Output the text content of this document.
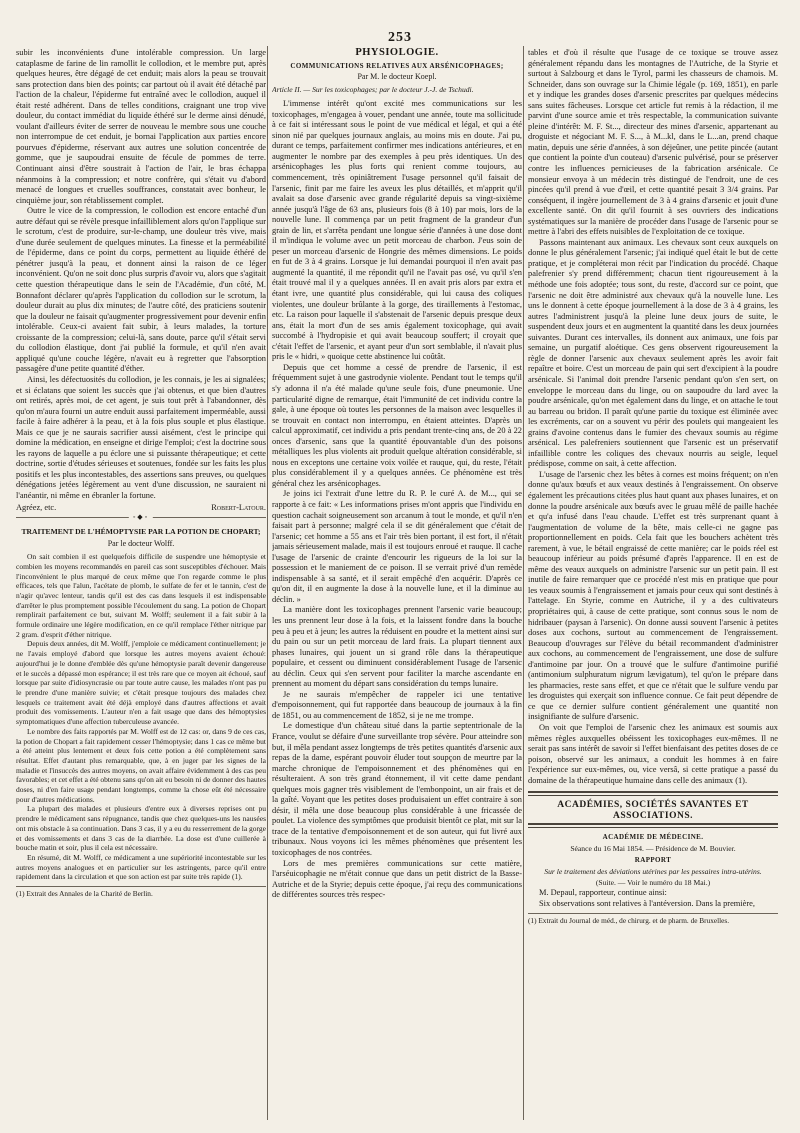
253

subir les inconvénients d'une intolérable compression. Un large cataplasme de farine de lin ramollit le collodion, et le membre put, après quelques heures, être dégagé de cet enduit; mais alors la peau se trouvait sans protection dans bien des points; car partout où il avait été détaché par l'action de la chaleur, l'épiderme fut entraîné avec le collodion, auquel il était resté adhérent. Dans de telles conditions, craignant une trop vive douleur, du contact immédiat du liquide éthéré sur le derme ainsi dénudé, voulant d'ailleurs éviter de serrer de nouveau le membre sous une couche non interrompue de cet enduit, je bornai l'application aux parties encore pourvues d'épiderme, réservant aux autres une solution concentrée de gomme, que je saupoudrai ensuite de fécule de pommes de terre. Continuant ainsi d'être soustrait à l'action de l'air, le bras échappa néanmoins à la compression; et notre confrère, qui s'était vu d'abord menacé de longues et cruelles souffrances, constatait avec bonheur, le cinquième jour, son rétablissement complet.

Outre le vice de la compression, le collodion est encore entaché d'un autre défaut qui se révèle presque infailliblement alors qu'on l'applique sur le scrotum, c'est de produire, sur-le-champ, une douleur très vive, mais d'une durée seulement de quelques minutes. La finesse et la perméabilité de l'épiderme, dans ce point du corps, permettent au liquide éthéré de pénétrer jusqu'à la peau, et donnent ainsi la raison de ce léger inconvénient. Qu'on ne soit donc plus surpris d'avoir vu, alors que s'agitait cette question thérapeutique dans le sein de l'Académie, d'un côté, M. Bonnafont déclarer qu'après l'application du collodion sur le scrotum, la douleur durait au plus dix minutes; de l'autre côté, des praticiens soutenir que la douleur ne faisait qu'augmenter progressivement pour devenir enfin intolérable. Ceux-ci avaient fait subir, à leurs malades, la torture croissante de la compression; celui-là, sans doute, parce qu'il s'était servi du collodion élastique, dont j'ai publié la formule, et qu'il n'en avait appliqué qu'une couche légère, n'avait eu à regretter que l'absorption passagère d'une petite quantité d'éther.

Ainsi, les défectuosités du collodion, je les connais, je les ai signalées; et si éclatans que soient les succès que j'ai obtenus, et que bien d'autres ont retirés, après moi, de cet agent, je suis tout prêt à l'abandonner, dès qu'on m'aura fourni un autre enduit aussi parfaitement imperméable, aussi facile à faire adhérer à la peau, et à la fois plus souple et plus élastique. Mais ce que je ne saurais sacrifier aussi aisément, c'est le principe qui domine la médication, en enseigne et dirige l'emploi; c'est la doctrine sous les rayons de laquelle a pu éclore une si puissante thérapeutique; et cette doctrine, sortie d'études sérieuses et soutenues, fondée sur les faits les plus positifs et les plus incontestables, des assertions sans preuves, ou quelques dénégations jetées légèrement au vent d'une discussion, ne sauraient ni l'anéantir, ni même en ébranler la fortune.

Agréez, etc.	Robert-Latour.
◦◆◦
TRAITEMENT DE L'HÉMOPTYSIE PAR LA POTION DE CHOPART;
Par le docteur Wolff.

On sait combien il est quelquefois difficile de suspendre une hémoptysie et combien les moyens recommandés en pareil cas sont susceptibles d'échouer. Mais l'inconvénient le plus marqué de ceux même que l'on regarde comme le plus efficaces, tels que l'alun, l'acétate de plomb, le sulfate de fer et le tannin, c'est de n'agir qu'avec lenteur, tandis qu'il est des cas dans lesquels il est indispensable d'arrêter le plus promptement possible l'écoulement du sang. La potion de Chopart remplirait parfaitement ce but, suivant M. Wolff; seulement il a fait subir à la formule ordinaire une légère modification, en ce qu'il remplace l'éther nitrique par 2 gram. d'esprit d'éther nitrique.

Depuis deux années, dit M. Wolff, j'emploie ce médicament continuellement; je ne l'avais employé d'abord que lorsque les autres moyens avaient échoué: aujourd'hui je le donne d'emblée dès qu'une hémoptysie paraît devenir dangereuse et le succès a dépassé mon espérance; il est très rare que ce moyen ait échoué, sauf lorsque par suite d'idiosyncrasie ou par toute autre cause, les malades n'ont pas pu le prendre d'une manière suivie; et c'était presque toujours des malades chez lesquels ce traitement avait été déjà employé dans d'autres affections et avait produit des vomissements. L'auteur n'en a fait usage que dans des hémoptysies symptomatiques d'une affection tuberculeuse avancée.

Le nombre des faits rapportés par M. Wolff est de 12 cas: or, dans 9 de ces cas, la potion de Chopart a fait rapidement cesser l'hémoptysie; dans 1 cas ce même but a été atteint plus lentement et deux fois cette potion a été complètement sans résultat. Effet d'autant plus remarquable, que, à en juger par les signes de la maladie et l'insuccès des autres moyens, on avait affaire évidemment à des cas peu favorables; et cet effet a été obtenu sans qu'on ait eu besoin ni de donner des hautes doses, ni d'en faire usage pendant longtemps, comme la chose eût été nécessaire pour d'autres médications.

La plupart des malades et plusieurs d'entre eux à diverses reprises ont pu prendre le médicament sans répugnance, tandis que chez quelques-uns les nausées ont mis obstacle à sa continuation. Dans 3 cas, il y a eu du resserrement de la gorge et des vomissements et dans 3 cas de la diarrhée. La dose est d'une cuillerée à bouche matin et soir, plus il cela est nécessaire.

En résumé, dit M. Wolff, ce médicament a une supériorité incontestable sur les autres moyens analogues et en particulier sur les astringents, parce qu'il entre rapidement dans la circulation et que son action est par suite très rapide (1).

(1) Extrait des Annales de la Charité de Berlin.
PHYSIOLOGIE.
COMMUNICATIONS RELATIVES AUX ARSÉNICOPHAGES;
Par M. le docteur Koepl.
Article II. — Sur les toxicophages; par le docteur J.-J. de Tschudi.

L'immense intérêt qu'ont excité mes communications sur les toxicophages, m'engagea à vouer, pendant une année, toute ma sollicitude à ce fait si intéressant sous le point de vue médical et légal, et qui a été sinon nié par quelques journaux anglais, au moins mis en doute. J'ai pu, durant ce temps, parfaitement confirmer mes indications antérieures, et en augmenter le nombre par des exemples à peu près identiques. Un des arsénicophages les plus forts qui renient comme toujours, au commencement, très opiniâtrement l'usage personnel qu'il faisait de l'arsenic, finit par me faire les aveux les plus détaillés, et m'apprit qu'il avalait sa dose d'arsenic avec grande régularité depuis sa vingt-sixième année jusqu'à l'âge de 63 ans, plusieurs fois (8 à 10) par mois, lors de la nouvelle lune. Il commença par un petit fragment de la grandeur d'un grain de lin, et s'arrêta pendant une longue série d'années à une dose dont il m'indiqua le volume avec un petit morceau de charbon. J'eus soin de peser un morceau d'arsenic de Hongrie des mêmes dimensions. Le poids en fut de 3 à 4 grains. Lorsque je lui demandai pourquoi il n'en avait pas augmenté la quantité, il me répondit qu'il ne l'avait pas osé, vu qu'il s'en était trouvé mal il y a quelques années. Il en avait pris alors par extra et étant ivre, une quantité plus considérable, qui lui causa des coliques violentes, une douleur brûlante à la gorge, des tiraillements à l'estomac, etc. La raison pour laquelle il s'abstenait de l'arsenic depuis presque deux ans, était la mort d'un de ses amis également toxicophage, qui avait succombé à l'hydropisie et qui avait beaucoup souffert; il croyait que c'était l'effet de l'arsenic, et ayant peur d'un sort semblable, il n'avait plus pris le « hidri, » quoique cette abstinence lui coûtât.

Depuis que cet homme a cessé de prendre de l'arsenic, il est fréquemment sujet à une gastrodynie violente. Pendant tout le temps qu'il s'y adonna il n'a été malade qu'une seule fois, d'une pneumonie. Une particularité digne de remarque, était l'immunité de cet individu contre la gale, à une époque où toutes les personnes de la maison avec lesquelles il se trouvait en contact non interrompu, en étaient atteintes. D'après un calcul approximatif, cet individu a pris pendant trente-cinq ans, de 20 à 22 onces d'arsenic, sans que la quantité épouvantable d'un des poisons métalliques les plus violents ait produit quelque altération considérable, si nous en exceptons une certaine voix voilée et rauque, qui, du reste, l'était plus considérablement il y a quelques années. Ce phénomène est très général chez les arsénicophages.

Je joins ici l'extrait d'une lettre du R. P. le curé A. de M..., qui se rapporte à ce fait: « Les informations prises m'ont appris que l'individu en question cachait soigneusement son arcanum à tout le monde, et qu'il n'en faisait part à personne; malgré cela il se dit généralement que c'était de l'arsenic; cet homme a 55 ans et l'air très bien portant, il est fort, il n'était jamais sérieusement malade, mais il est toujours enroué et rauque. Il cache l'usage de l'arsenic de crainte d'encourir les rigueurs de la loi sur la possession et le maniement de ce poison. Il se verrait privé d'un remède indispensable à sa santé, et il serait empêché d'en acquérir. D'après ce qu'on dit, il en augmente la dose à la nouvelle lune, et il la diminue au déclin. »

La manière dont les toxicophages prennent l'arsenic varie beaucoup; les uns prennent leur dose à la fois, et la laissent fondre dans la bouche peu à peu et à jeun; les autres la réduisent en poudre et la mettent ainsi sur du pain ou sur un petit morceau de lard frais. La plupart tiennent aux phases lunaires, qui jouent un si grand rôle dans la thérapeutique populaire, et cessent ou diminuent considérablement l'usage de l'arsenic au déclin. Ceux qui s'en servent pour faciliter la marche ascendante en prennent au moment du départ sans considération du temps lunaire.

Je ne saurais m'empêcher de rappeler ici une tentative d'empoisonnement, qui fut rapportée dans beaucoup de journaux à la fin de 1851, ou au commencement de 1852, si je ne me trompe.

Le domestique d'un château situé dans la partie septentrionale de la France, voulut se défaire d'une surveillante trop sévère. Pour atteindre son but, il mêla pendant assez longtemps de très petites quantités d'arsenic aux repas de la dame, espérant pouvoir éluder tout soupçon de meurtre par la marche chronique de l'empoisonnement et des phénomènes qui en résulteraient. A son très grand étonnement, il vit cette dame pendant quelques mois gagner très visiblement de l'embonpoint, un air frais et de la gaîté. Voyant que les petites doses produisaient un effet contraire à son désir, il mêla une dose beaucoup plus considérable à une fricassée de poulet. La violence des symptômes que produisit bientôt ce plat, mit sur la trace de la tentative d'empoisonnement et de son auteur, qui fut livré aux tribunaux. Nous voyons ici les mêmes phénomènes que présentent les toxicophages de nos contrées.

Lors de mes premières communications sur cette matière, l'arséuicophagie ne m'était connue que dans un petit district de la Basse-Autriche et de la Styrie; depuis cette époque, j'ai reçu des communications de différentes sources très respec-

tables et d'où il résulte que l'usage de ce toxique se trouve assez généralement répandu dans les montagnes de l'Autriche, de la Styrie et surtout à Salzbourg et dans le Tyrol, parmi les chasseurs de chamois. M. Schneider, dans son ouvrage sur la Chimie légale (p. 169, 1851), en parle et y indique les grandes doses d'arsenic prescrites par quelques médecins sans suites fâcheuses. Lorsque cet article fut remis à la rédaction, il me parvint d'une source amie et très respectable, la communication suivante pleine d'intérêt: M. F. St..., directeur des mines d'arsenic, appartenant au droguiste et négociant M. F. S..., à M...kl, dans le L...an, prend chaque matin, depuis une série d'années, à son déjeûner, une petite pincée (autant que contient la pointe d'un couteau) d'arsenic pulvérisé, pour se préserver contre les influences pernicieuses de la fabrication arsénicale. Ce monsieur envoya à un médecin très distingué de l'endroit, une de ces pincées qu'il prend à vue d'œil, et cette quantité pesait 3 3/4 grains. Par conséquent, il ingère journellement de 3 à 4 grains d'arsenic et jouit d'une excellente santé. On dit qu'il fournit à ses ouvriers des indications systématiques sur la manière de procéder dans l'usage de l'arsenic pour se mettre à l'abri des effets nuisibles de l'exploitation de ce toxique.

Passons maintenant aux animaux. Les chevaux sont ceux auxquels on donne le plus généralement l'arsenic; j'ai indiqué quel était le but de cette pratique, et je compléterai mon récit par l'indication du procédé. Chaque palefrenier s'y prend différemment; chacun tient rigoureusement à la méthode une fois adoptée; tous sont, du reste, d'accord sur ce point, que l'arsenic ne doit être administré aux chevaux qu'à la nouvelle lune. Les uns le donnent à cette époque journellement à la dose de 3 à 4 grains, les autres l'administrent jusqu'à la pleine lune deux jours de suite, le suspendent deux jours et en augmentent la quantité dans les deux journées suivantes. Durant ces intervalles, ils donnent aux animaux, une fois par semaine, un purgatif aloétique. Ces gens observent rigoureusement la règle de donner l'arsenic aux chevaux seulement après les avoir fait repaître et boire. C'est un morceau de pain qui sert d'excipient à la poudre arsénicale. Si l'animal doit prendre l'arsenic pendant qu'on s'en sert, on enveloppe le morceau dans du linge, ou on saupoudre du lard avec la poudre arsénicale, qu'on met également dans du linge, et on attache le tout au barreau ou bridon. Il paraît qu'une partie du toxique est éliminée avec les excréments, car on a souvent vu périr des poulets qui mangeaient les grains d'avoine contenus dans le fumier des chevaux soumis au régime arsénical. Les palefreniers soutiennent que l'arsenic est un préservatif infaillible contre les coliques des chevaux nourris au seigle, lequel prédispose, comme on sait, à cette affection.

L'usage de l'arsenic chez les bêtes à cornes est moins fréquent; on n'en donne qu'aux bœufs et aux veaux destinés à l'engraissement. On observe également les précautions citées plus haut quant aux phases lunaires, et on donne la poudre arsénicale aux bœufs avec le gruau mêlé de paille hachée et qu'a infusé dans l'eau chaude. L'effet est très surprenant quant à l'augmentation de volume de la bête, mais celle-ci ne gagne pas proportionnellement en poids. Cela fait que les bouchers achètent très rarement, à vue, le bétail engraissé de cette manière; car le poids réel est beaucoup inférieur au poids présumé d'après l'apparence. Il en est de même des veaux auxquels on administre l'arsenic sur un petit pain. Il est inutile de faire remarquer que ce procédé n'est mis en pratique que pour les veaux soumis à l'engraissement et jamais pour ceux qui sont destinés à l'attelage. En Styrie, comme en Autriche, il y a des cultivateurs propriétaires qui, à cause de cette pratique, sont connus sous le nom de hidribauer (paysan à l'arsenic). On donne aussi souvent l'arsenic à petites doses aux cochons, surtout au commencement de l'engraissement. Beaucoup d'ouvrages sur l'élève du bétail recommandent d'administrer aux cochons, au commencement de l'engraissement, une dose de sulfure d'antimoine par jour. On a trouvé que le sulfure d'antimoine purifié (antimonium sulphuratum nigrum lævigatum), tel qu'on le prépare dans les pharmacies, reste sans effet, et que ce n'était que le sulfure vendu par les droguistes qui exerçait son influence connue. Ce fait peut dépendre de ce que ce dernier sulfure contient généralement une quantité non insignifiante de sulfure d'arsenic.

On voit que l'emploi de l'arsenic chez les animaux est soumis aux mêmes règles auxquelles obéissent les toxicophages eux-mêmes. Il ne serait pas sans intérêt de savoir si l'effet bienfaisant des petites doses de ce poison, observé sur les animaux, a conduit les hommes à en faire l'expérience sur eux-mêmes, ou, vice versâ, si cette pratique a passé du domaine de la thérapeutique humaine dans celle des animaux (1).

ACADÉMIES, SOCIÉTÉS SAVANTES ET ASSOCIATIONS.
ACADÉMIE DE MÉDECINE.
Séance du 16 Mai 1854. — Présidence de M. Bouvier.
RAPPORT
Sur le traitement des déviations utérines par les pessaires intra-utérins.
(Suite. — Voir le numéro du 18 Mai.)

M. Depaul, rapporteur, continue ainsi:

Six observations sont relatives à l'antéversion. Dans la première,

(1) Extrait du Journal de méd., de chirurg. et de pharm. de Bruxelles.
